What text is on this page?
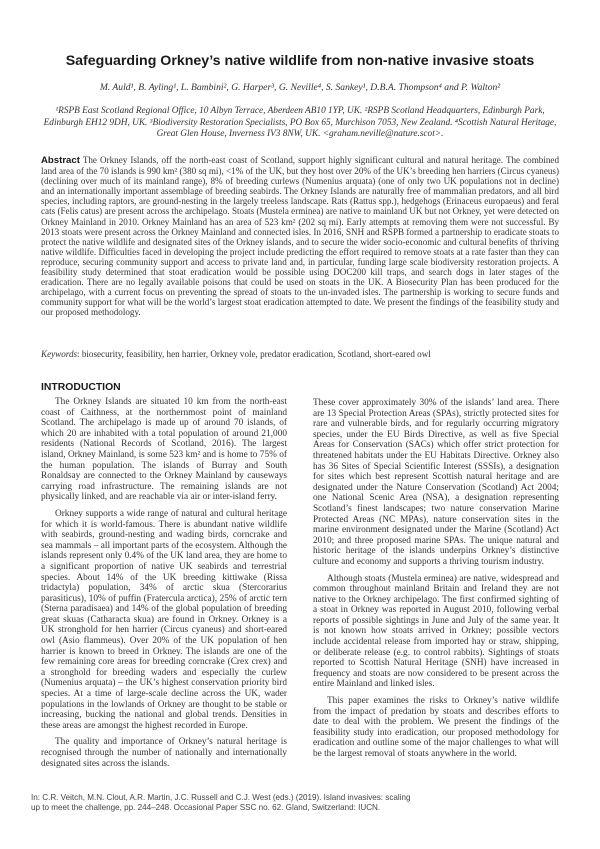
Safeguarding Orkney’s native wildlife from non-native invasive stoats
M. Auld¹, B. Ayling¹, L. Bambini², G. Harper³, G. Neville⁴, S. Sankey¹, D.B.A. Thompson⁴ and P. Walton²
¹RSPB East Scotland Regional Office, 10 Albyn Terrace, Aberdeen AB10 1YP, UK. ²RSPB Scotland Headquarters, Edinburgh Park, Edinburgh EH12 9DH, UK. ³Biodiversity Restoration Specialists, PO Box 65, Murchison 7053, New Zealand. ⁴Scottish Natural Heritage, Great Glen House, Inverness IV3 8NW, UK. <graham.neville@nature.scot>.
Abstract The Orkney Islands, off the north-east coast of Scotland, support highly significant cultural and natural heritage. The combined land area of the 70 islands is 990 km² (380 sq mi), <1% of the UK, but they host over 20% of the UK’s breeding hen harriers (Circus cyaneus) (declining over much of its mainland range), 8% of breeding curlews (Numenius arquata) (one of only two UK populations not in decline) and an internationally important assemblage of breeding seabirds. The Orkney Islands are naturally free of mammalian predators, and all bird species, including raptors, are ground-nesting in the largely treeless landscape. Rats (Rattus spp.), hedgehogs (Erinaceus europaeus) and feral cats (Felis catus) are present across the archipelago. Stoats (Mustela erminea) are native to mainland UK but not Orkney, yet were detected on Orkney Mainland in 2010. Orkney Mainland has an area of 523 km² (202 sq mi). Early attempts at removing them were not successful. By 2013 stoats were present across the Orkney Mainland and connected isles. In 2016, SNH and RSPB formed a partnership to eradicate stoats to protect the native wildlife and designated sites of the Orkney islands, and to secure the wider socio-economic and cultural benefits of thriving native wildlife. Difficulties faced in developing the project include predicting the effort required to remove stoats at a rate faster than they can reproduce, securing community support and access to private land and, in particular, funding large scale biodiversity restoration projects. A feasibility study determined that stoat eradication would be possible using DOC200 kill traps, and search dogs in later stages of the eradication. There are no legally available poisons that could be used on stoats in the UK. A Biosecurity Plan has been produced for the archipelago, with a current focus on preventing the spread of stoats to the un-invaded isles. The partnership is working to secure funds and community support for what will be the world’s largest stoat eradication attempted to date. We present the findings of the feasibility study and our proposed methodology.
Keywords: biosecurity, feasibility, hen harrier, Orkney vole, predator eradication, Scotland, short-eared owl
INTRODUCTION

The Orkney Islands are situated 10 km from the north-east coast of Caithness, at the northernmost point of mainland Scotland. The archipelago is made up of around 70 islands, of which 20 are inhabited with a total population of around 21,000 residents (National Records of Scotland, 2016). The largest island, Orkney Mainland, is some 523 km² and is home to 75% of the human population. The islands of Burray and South Ronaldsay are connected to the Orkney Mainland by causeways carrying road infrastructure. The remaining islands are not physically linked, and are reachable via air or inter-island ferry.

Orkney supports a wide range of natural and cultural heritage for which it is world-famous. There is abundant native wildlife with seabirds, ground-nesting and wading birds, corncrake and sea mammals – all important parts of the ecosystem. Although the islands represent only 0.4% of the UK land area, they are home to a significant proportion of native UK seabirds and terrestrial species. About 14% of the UK breeding kittiwake (Rissa tridactyla) population, 34% of arctic skua (Stercorarius parasiticus), 10% of puffin (Fratercula arctica), 25% of arctic tern (Sterna paradisaea) and 14% of the global population of breeding great skuas (Catharacta skua) are found in Orkney. Orkney is a UK stronghold for hen harrier (Circus cyaneus) and short-eared owl (Asio flammeus). Over 20% of the UK population of hen harrier is known to breed in Orkney. The islands are one of the few remaining core areas for breeding corncrake (Crex crex) and a stronghold for breeding waders and especially the curlew (Numenius arquata) – the UK’s highest conservation priority bird species. At a time of large-scale decline across the UK, wader populations in the lowlands of Orkney are thought to be stable or increasing, bucking the national and global trends. Densities in these areas are amongst the highest recorded in Europe.

The quality and importance of Orkney’s natural heritage is recognised through the number of nationally and internationally designated sites across the islands.

These cover approximately 30% of the islands’ land area. There are 13 Special Protection Areas (SPAs), strictly protected sites for rare and vulnerable birds, and for regularly occurring migratory species, under the EU Birds Directive, as well as five Special Areas for Conservation (SACs) which offer strict protection for threatened habitats under the EU Habitats Directive. Orkney also has 36 Sites of Special Scientific Interest (SSSIs), a designation for sites which best represent Scottish natural heritage and are designated under the Nature Conservation (Scotland) Act 2004; one National Scenic Area (NSA), a designation representing Scotland’s finest landscapes; two nature conservation Marine Protected Areas (NC MPAs), nature conservation sites in the marine environment designated under the Marine (Scotland) Act 2010; and three proposed marine SPAs. The unique natural and historic heritage of the islands underpins Orkney’s distinctive culture and economy and supports a thriving tourism industry.

Although stoats (Mustela erminea) are native, widespread and common throughout mainland Britain and Ireland they are not native to the Orkney archipelago. The first confirmed sighting of a stoat in Orkney was reported in August 2010, following verbal reports of possible sightings in June and July of the same year. It is not known how stoats arrived in Orkney; possible vectors include accidental release from imported hay or straw, shipping, or deliberate release (e.g. to control rabbits). Sightings of stoats reported to Scottish Natural Heritage (SNH) have increased in frequency and stoats are now considered to be present across the entire Mainland and linked isles.

This paper examines the risks to Orkney’s native wildlife from the impact of predation by stoats and describes efforts to date to deal with the problem. We present the findings of the feasibility study into eradication, our proposed methodology for eradication and outline some of the major challenges to what will be the largest removal of stoats anywhere in the world.

In: C.R. Veitch, M.N. Clout, A.R. Martin, J.C. Russell and C.J. West (eds.) (2019). Island invasives: scaling
up to meet the challenge, pp. 244–248. Occasional Paper SSC no. 62. Gland, Switzerland: IUCN.
